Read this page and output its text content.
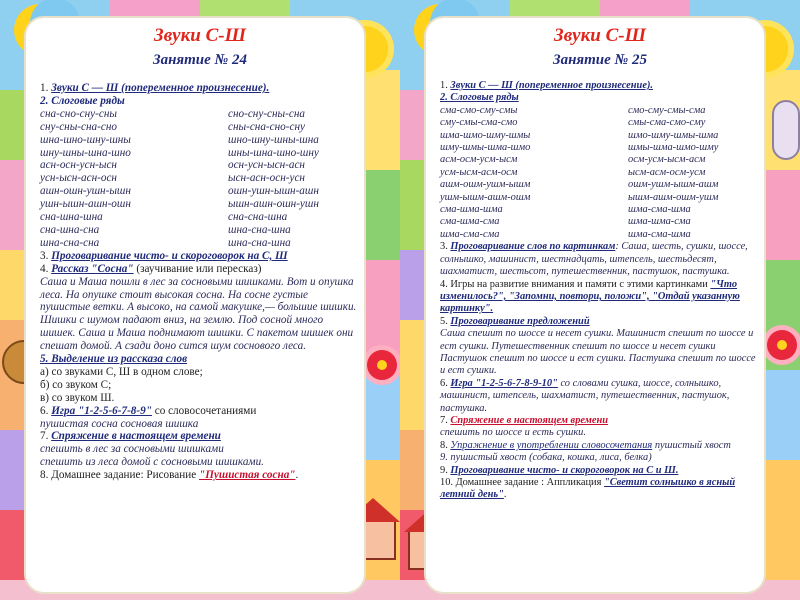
Звуки С-Ш
Занятие № 24
1. Звуки С — Ш (попеременное произнесение).
2. Слоговые ряды
сна-сно-сну-сны	сно-сну-сны-сна
сну-сны-сна-сно	сны-сна-сно-сну
шна-шно-шну-шны	шно-шну-шны-шна
шну-шны-шна-шно	шны-шна-шно-шну
асн-осн-усн-ысн	осн-усн-ысн-асн
усн-ысн-асн-осн	ысн-асн-осн-усн
ашн-ошн-ушн-ышн	ошн-ушн-ышн-ашн
ушн-ышн-ашн-ошн	ышн-ашн-ошн-ушн
сна-шна-шна	сна-сна-шна
сна-шна-сна	шна-сна-шна
шна-сна-сна	шна-сна-шна
3. Проговаривание чисто- и скороговорок на С, Ш
4. Рассказ "Сосна" (заучивание или пересказ)
Саша и Маша пошли в лес за сосновыми шишками. Вот и опушка леса. На опушке стоит высокая сосна. На сосне густые пушистые ветки. А высоко, на самой макушке,— большие шишки. Шишки с шумом падают вниз, на землю. Под сосной много шишек. Саша и Маша поднимают шишки. С пакетом шишек они спешат домой. А сзади доно сится шум соснового леса.
5. Выделение из рассказа слов
а) со звуками С, Ш в одном слове;
б) со звуком С;
в) со звуком Ш.
6. Игра "1-2-5-6-7-8-9" со словосочетаниями
пушистая сосна сосновая шишка
7. Спряжение в настоящем времени
спешить в лес за сосновыми шишками
спешить из леса домой с сосновыми шишками.
8. Домашнее задание: Рисование "Пушистая сосна".
Звуки С-Ш
Занятие № 25
1. Звуки С — Ш (попеременное произнесение).
2. Слоговые ряды
сма-смо-сму-смы	смо-сму-смы-сма
сму-смы-сма-смо	смы-сма-смо-сму
шма-шмо-шму-шмы	шмо-шму-шмы-шма
шму-шмы-шма-шмо	шмы-шма-шмо-шму
асм-осм-усм-ысм	осм-усм-ысм-асм
усм-ысм-асм-осм	ысм-асм-осм-усм
ашм-ошм-ушм-ышм	ошм-ушм-ышм-ашм
ушм-ышм-ашм-ошм	ышм-ашм-ошм-ушм
сма-шма-шма	шма-сма-шма
сма-шма-сма	шма-шма-сма
шма-сма-сма	шма-сма-шма
3. Проговаривание слов по картинкам: Саша, шесть, сушки, шоссе, солнышко, машинист, шестнадцать, штепсель, шестьдесят, шахматист, шестьсот, путешественник, пастушок, пастушка.
4. Игры на развитие внимания и памяти с этими картинками "Что изменилось?", "Запомни, повтори, положи", "Отдай указанную картинку".
5. Проговаривание предложений
Саша спешит по шоссе и несет сушки. Машинист спешит по шоссе и ест сушки. Путешественник спешит по шоссе и несет сушки Пастушок спешит по шоссе и ест сушки. Пастушка спешит по шоссе и ест сушки.
6. Игра "1-2-5-6-7-8-9-10" со словами сушка, шоссе, солнышко, машинист, штепсель, шахматист, путешественник, пастушок, пастушка.
7. Спряжение в настоящем времени
спешить по шоссе и есть сушки.
8. Упражнение в употреблении словосочетания пушистый хвост
9. пушистый хвост (собака, кошка, лиса, белка)
9. Проговаривание чисто- и скороговорок на С и Ш.
10. Домашнее задание : Аппликация "Светит солнышко в ясный летний день".
